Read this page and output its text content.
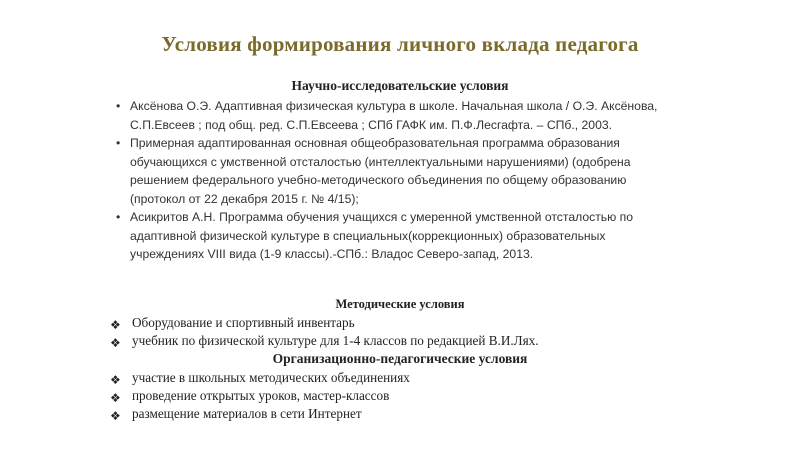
Условия формирования личного вклада педагога
Научно-исследовательские условия
• Аксёнова О.Э. Адаптивная физическая культура в школе. Начальная школа / О.Э. Аксёнова, С.П.Евсеев ; под общ. ред. С.П.Евсеева ; СПб ГАФК им. П.Ф.Лесгафта. – СПб., 2003.
• Примерная адаптированная основная общеобразовательная программа образования обучающихся с умственной отсталостью (интеллектуальными нарушениями) (одобрена решением федерального учебно-методического объединения по общему образованию (протокол от 22 декабря 2015 г. № 4/15);
• Асикритов А.Н. Программа обучения учащихся с умеренной умственной отсталостью по адаптивной физической культуре в специальных(коррекционных) образовательных учреждениях VIII вида (1-9 классы).-СПб.: Владос Северо-запад, 2013.
Методические условия
❖ Оборудование и спортивный инвентарь
❖ учебник по физической культуре для 1-4 классов по редакцией В.И.Лях.
Организационно-педагогические условия
❖ участие в школьных методических объединениях
❖ проведение открытых уроков, мастер-классов
❖ размещение материалов в сети Интернет
